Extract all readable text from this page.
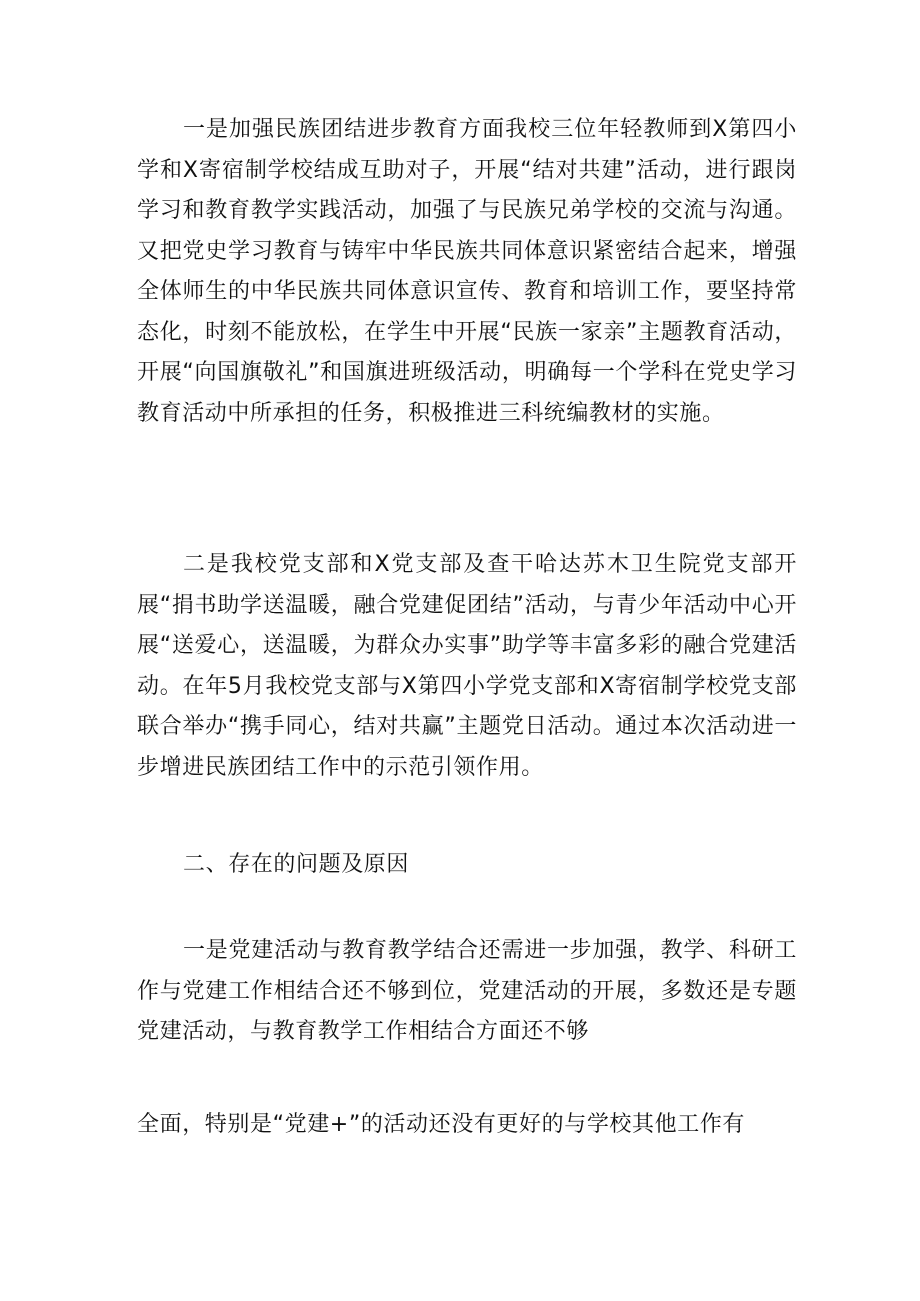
一是加强民族团结进步教育方面我校三位年轻教师到X第四小学和X寄宿制学校结成互助对子，开展“结对共建”活动，进行跟岗学习和教育教学实践活动，加强了与民族兄弟学校的交流与沟通。又把党史学习教育与铸牢中华民族共同体意识紧密结合起来，增强全体师生的中华民族共同体意识宣传、教育和培训工作，要坚持常态化，时刻不能放松，在学生中开展“民族一家亲”主题教育活动，开展“向国旗敬礼”和国旗进班级活动，明确每一个学科在党史学习教育活动中所承担的任务，积极推进三科统编教材的实施。

二是我校党支部和X党支部及查干哈达苏木卫生院党支部开展“捐书助学送温暖，融合党建促团结”活动，与青少年活动中心开展“送爱心，送温暖，为群众办实事”助学等丰富多彩的融合党建活动。在年5月我校党支部与X第四小学党支部和X寄宿制学校党支部联合举办“携手同心，结对共赢”主题党日活动。通过本次活动进一步增进民族团结工作中的示范引领作用。

二、存在的问题及原因

一是党建活动与教育教学结合还需进一步加强，教学、科研工作与党建工作相结合还不够到位，党建活动的开展，多数还是专题党建活动，与教育教学工作相结合方面还不够

全面，特别是“党建+”的活动还没有更好的与学校其他工作有
